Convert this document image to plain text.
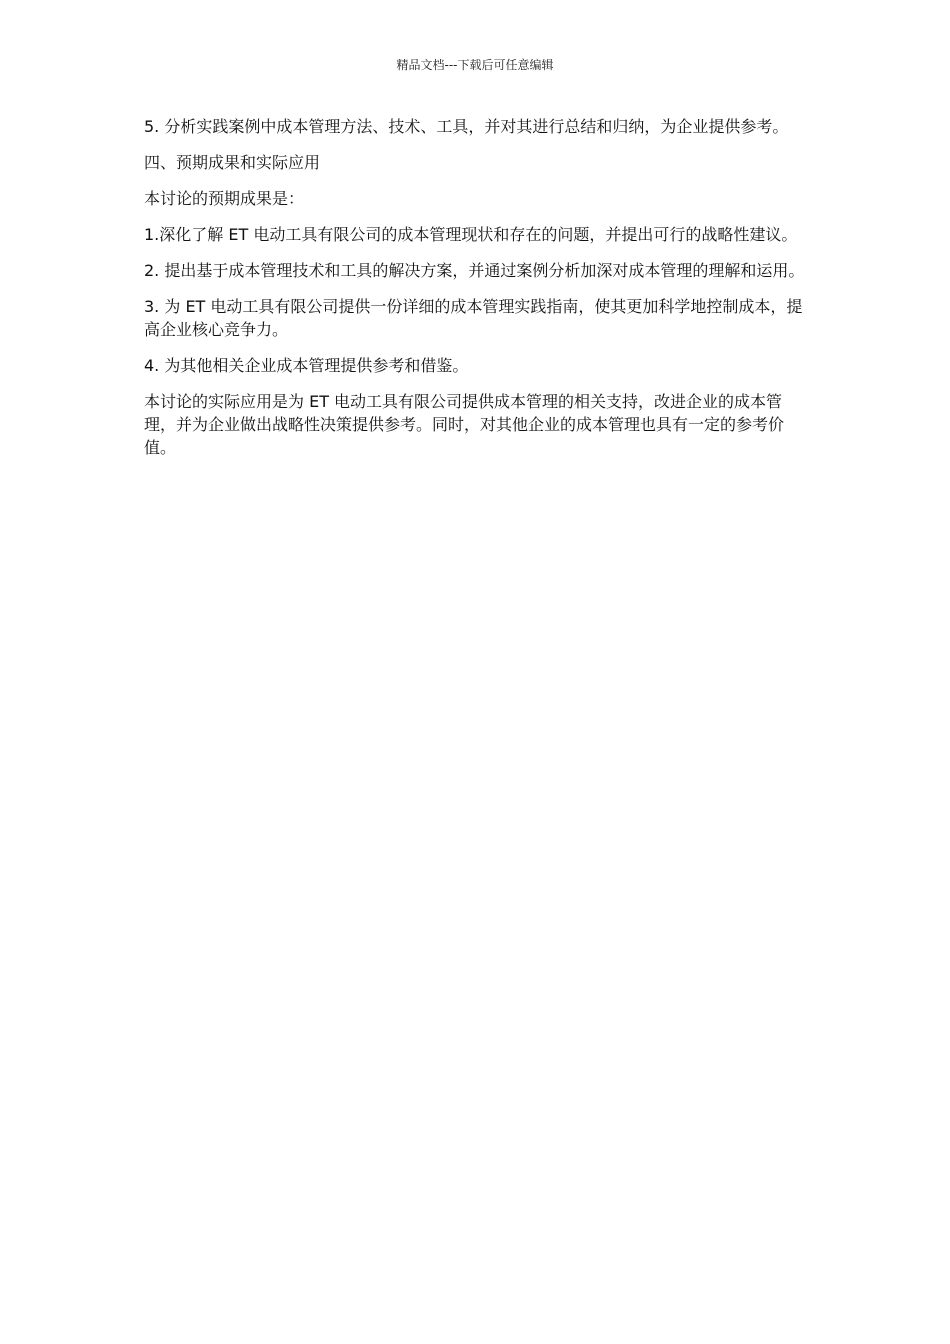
精品文档---下载后可任意编辑

5. 分析实践案例中成本管理方法、技术、工具，并对其进行总结和归纳，为企业提供参考。

四、预期成果和实际应用

本讨论的预期成果是：

1.深化了解 ET 电动工具有限公司的成本管理现状和存在的问题，并提出可行的战略性建议。

2. 提出基于成本管理技术和工具的解决方案，并通过案例分析加深对成本管理的理解和运用。

3. 为 ET 电动工具有限公司提供一份详细的成本管理实践指南，使其更加科学地控制成本，提高企业核心竞争力。

4. 为其他相关企业成本管理提供参考和借鉴。

本讨论的实际应用是为 ET 电动工具有限公司提供成本管理的相关支持，改进企业的成本管理，并为企业做出战略性决策提供参考。同时，对其他企业的成本管理也具有一定的参考价值。
